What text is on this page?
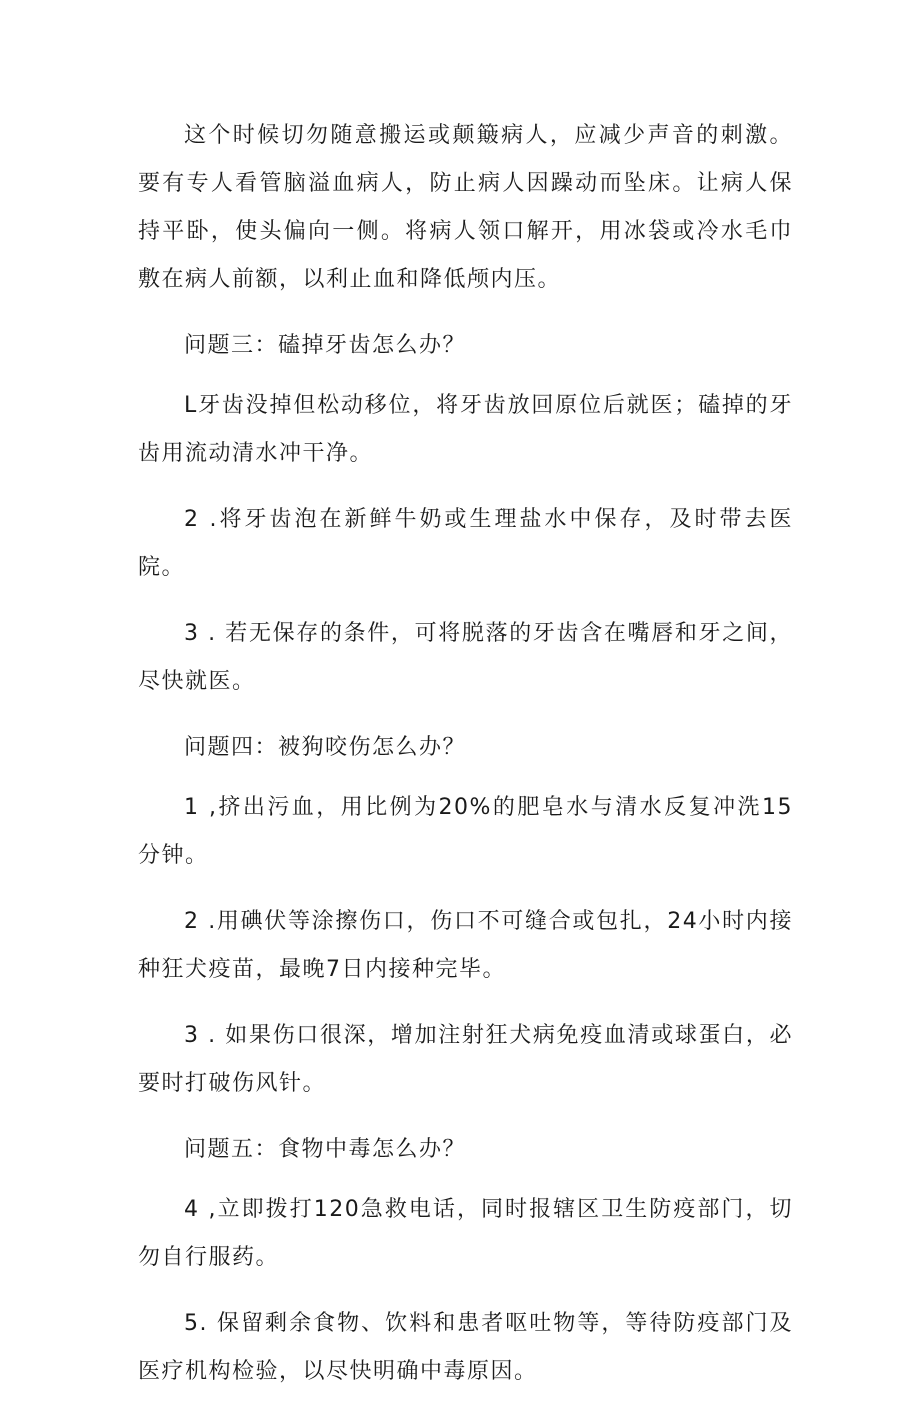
这个时候切勿随意搬运或颠簸病人，应减少声音的刺激。要有专人看管脑溢血病人，防止病人因躁动而坠床。让病人保持平卧，使头偏向一侧。将病人领口解开，用冰袋或冷水毛巾敷在病人前额，以利止血和降低颅内压。

问题三：磕掉牙齿怎么办？

L牙齿没掉但松动移位，将牙齿放回原位后就医；磕掉的牙齿用流动清水冲干净。

2 .将牙齿泡在新鲜牛奶或生理盐水中保存，及时带去医院。

3 . 若无保存的条件，可将脱落的牙齿含在嘴唇和牙之间，尽快就医。

问题四：被狗咬伤怎么办？

1 ,挤出污血，用比例为20%的肥皂水与清水反复冲洗15分钟。

2 .用碘伏等涂擦伤口，伤口不可缝合或包扎，24小时内接种狂犬疫苗，最晚7日内接种完毕。

3 . 如果伤口很深，增加注射狂犬病免疫血清或球蛋白，必要时打破伤风针。

问题五：食物中毒怎么办？

4 ,立即拨打120急救电话，同时报辖区卫生防疫部门，切勿自行服药。

5. 保留剩余食物、饮料和患者呕吐物等，等待防疫部门及医疗机构检验，以尽快明确中毒原因。
